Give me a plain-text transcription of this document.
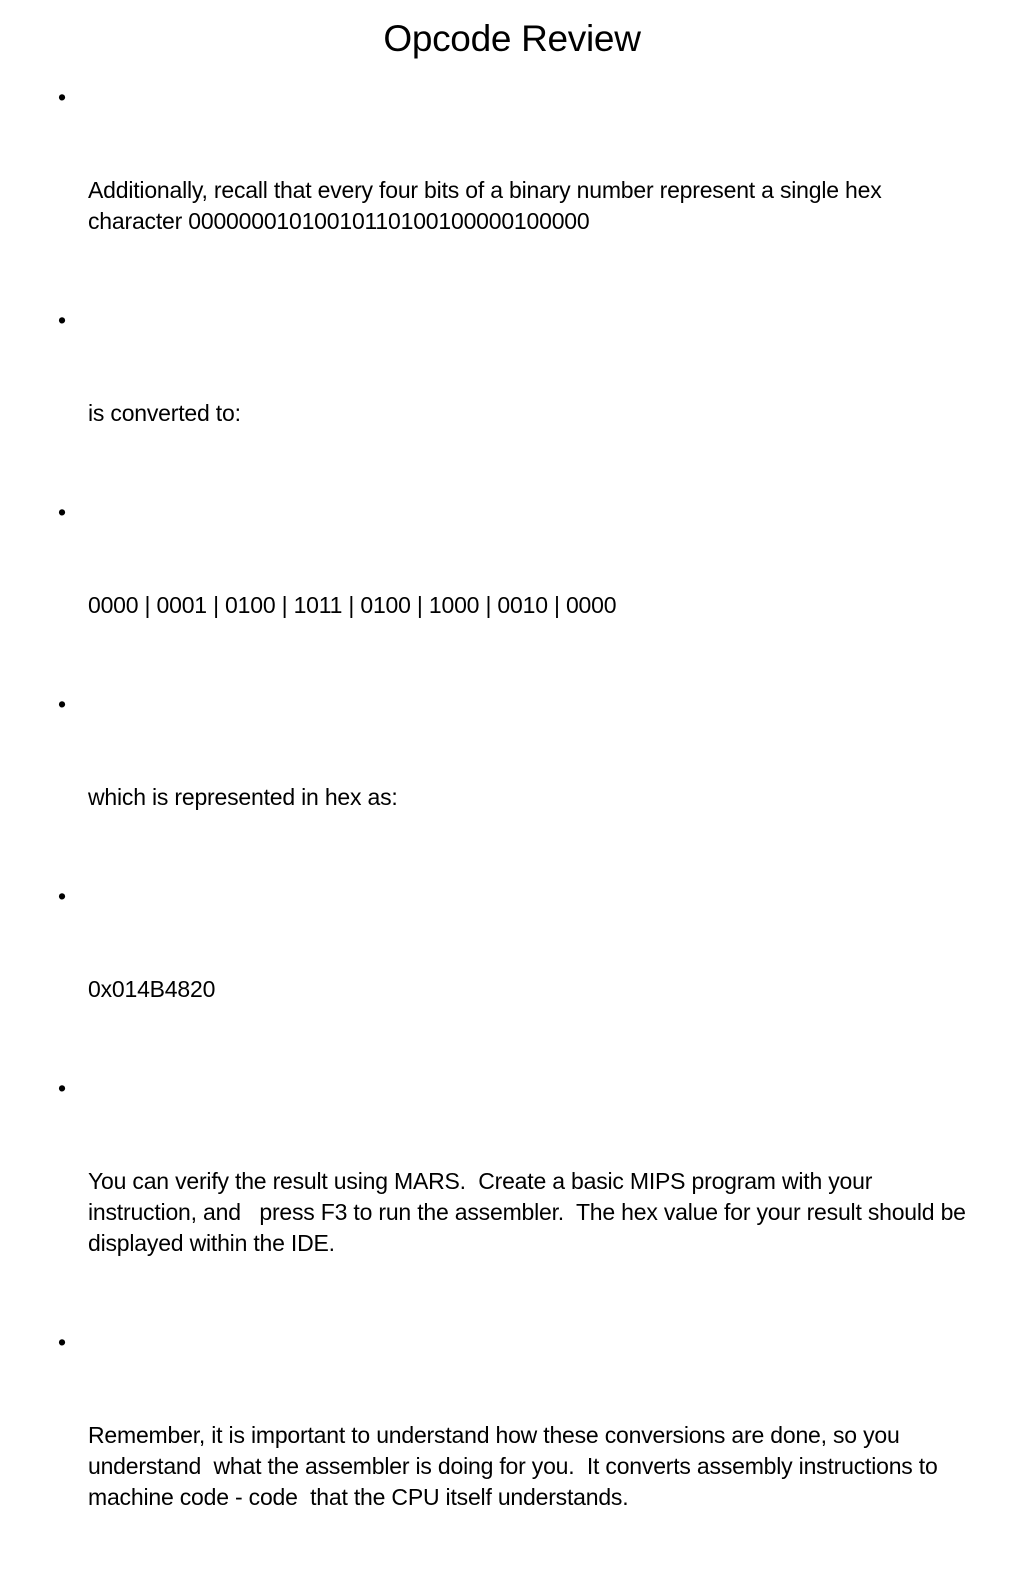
Opcode Review

•

Additionally, recall that every four bits of a binary number represent a single hex character 00000001010010110100100000100000

•

is converted to:

•

0000 | 0001 | 0100 | 1011 | 0100 | 1000 | 0010 | 0000

•

which is represented in hex as:

•

0x014B4820

•

You can verify the result using MARS.  Create a basic MIPS program with your instruction, and   press F3 to run the assembler.  The hex value for your result should be displayed within the IDE.

•

Remember, it is important to understand how these conversions are done, so you understand  what the assembler is doing for you.  It converts assembly instructions to machine code - code  that the CPU itself understands.
